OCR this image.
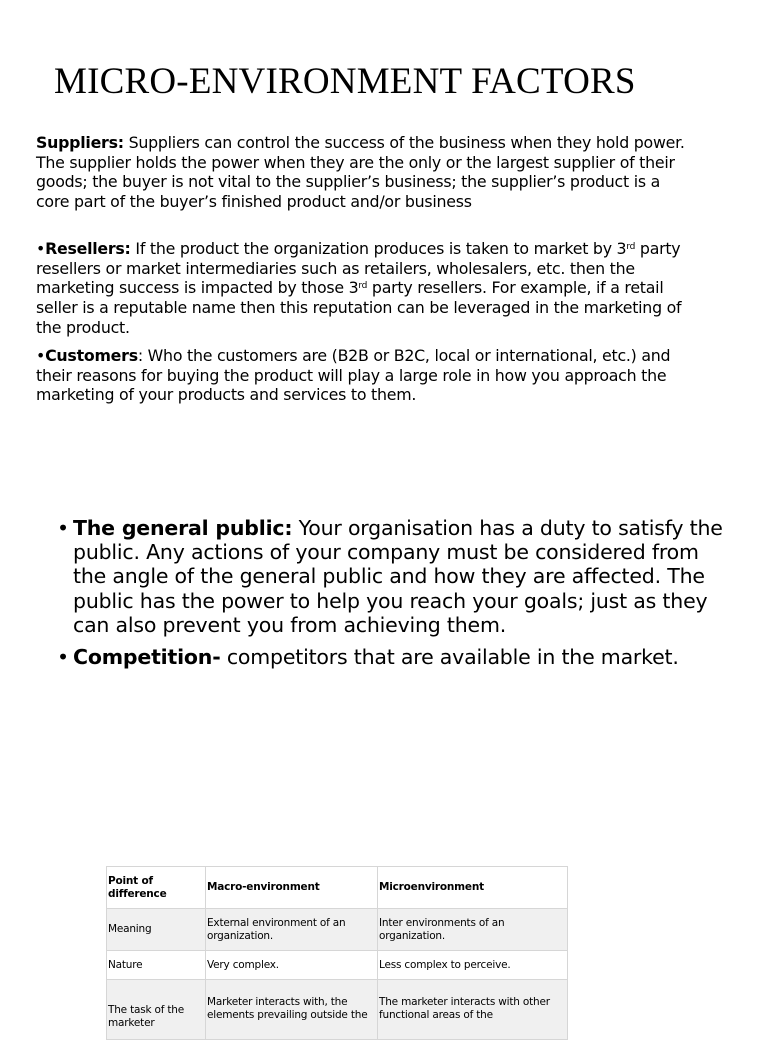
MICRO-ENVIRONMENT FACTORS

Suppliers: Suppliers can control the success of the business when they hold power. The supplier holds the power when they are the only or the largest supplier of their goods; the buyer is not vital to the supplier’s business; the supplier’s product is a core part of the buyer’s finished product and/or business

•Resellers: If the product the organization produces is taken to market by 3rd party resellers or market intermediaries such as retailers, wholesalers, etc. then the marketing success is impacted by those 3rd party resellers. For example, if a retail seller is a reputable name then this reputation can be leveraged in the marketing of the product.

•Customers: Who the customers are (B2B or B2C, local or international, etc.) and their reasons for buying the product will play a large role in how you approach the marketing of your products and services to them.

• The general public: Your organisation has a duty to satisfy the public. Any actions of your company must be considered from the angle of the general public and how they are affected. The public has the power to help you reach your goals; just as they can also prevent you from achieving them.
• Competition- competitors that are available in the market.
Point of difference	Macro-environment	Microenvironment
Meaning	External environment of an organization.	Inter environments of an organization.
Nature	Very complex.	Less complex to perceive.
The task of the marketer	Marketer interacts with, the elements prevailing outside the	The marketer interacts with other functional areas of the
